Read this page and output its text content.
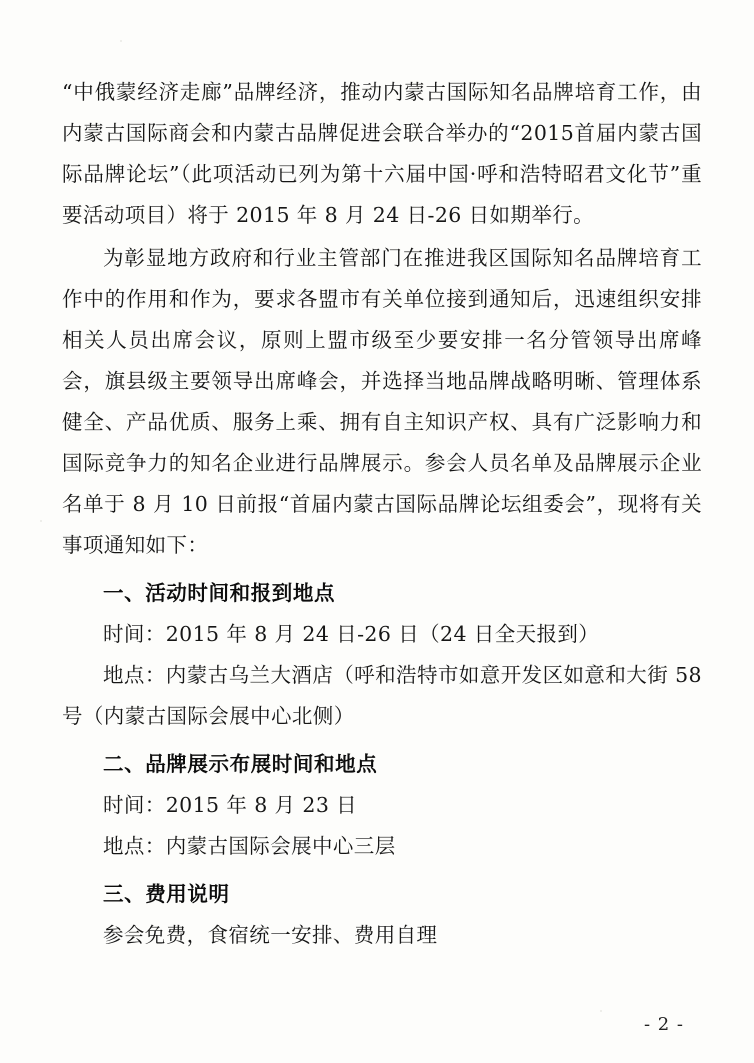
“中俄蒙经济走廊”品牌经济，推动内蒙古国际知名品牌培育工作，由内蒙古国际商会和内蒙古品牌促进会联合举办的“2015首届内蒙古国际品牌论坛”（此项活动已列为第十六届中国·呼和浩特昭君文化节”重要活动项目）将于 2015 年 8 月 24 日-26 日如期举行。

为彰显地方政府和行业主管部门在推进我区国际知名品牌培育工作中的作用和作为，要求各盟市有关单位接到通知后，迅速组织安排相关人员出席会议，原则上盟市级至少要安排一名分管领导出席峰会，旗县级主要领导出席峰会，并选择当地品牌战略明晰、管理体系健全、产品优质、服务上乘、拥有自主知识产权、具有广泛影响力和国际竞争力的知名企业进行品牌展示。参会人员名单及品牌展示企业名单于 8 月 10 日前报“首届内蒙古国际品牌论坛组委会”，现将有关事项通知如下：

一、活动时间和报到地点

时间：2015 年 8 月 24 日-26 日（24 日全天报到）

地点：内蒙古乌兰大酒店（呼和浩特市如意开发区如意和大街 58 号（内蒙古国际会展中心北侧）

二、品牌展示布展时间和地点

时间：2015 年 8 月 23 日

地点：内蒙古国际会展中心三层

三、费用说明

参会免费，食宿统一安排、费用自理

- 2 -
